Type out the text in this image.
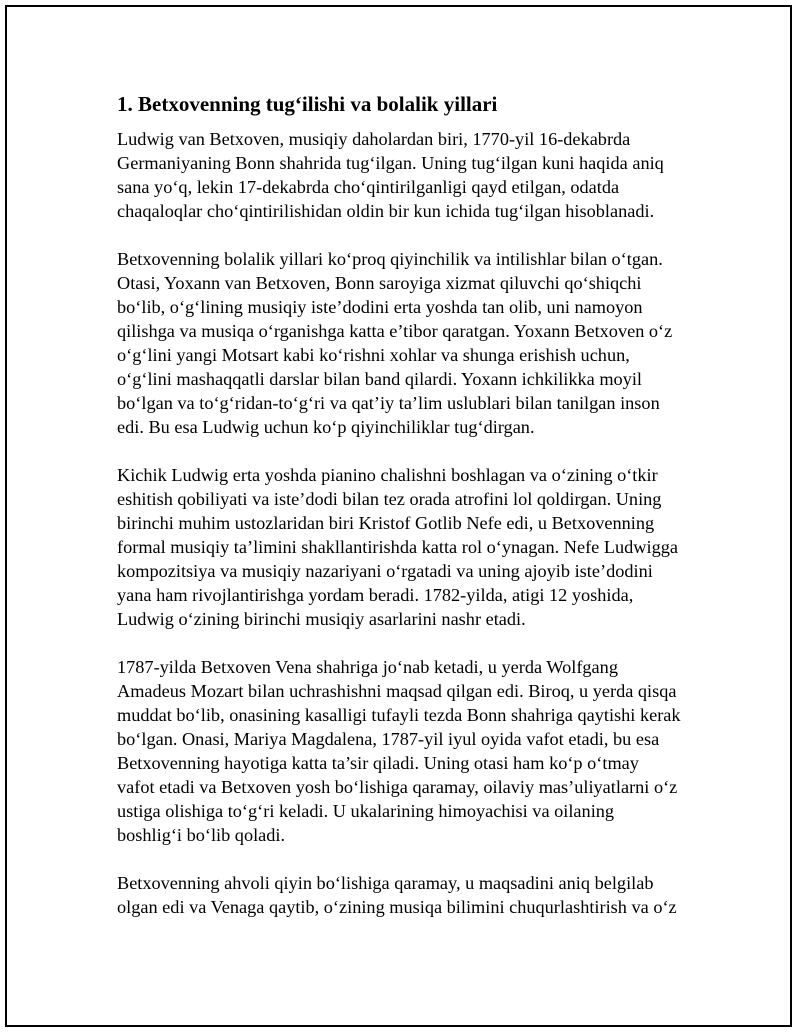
1. Betxovenning tug‘ilishi va bolalik yillari

Ludwig van Betxoven, musiqiy daholardan biri, 1770-yil 16-dekabrda
Germaniyaning Bonn shahrida tug‘ilgan. Uning tug‘ilgan kuni haqida aniq
sana yo‘q, lekin 17-dekabrda cho‘qintirilganligi qayd etilgan, odatda
chaqaloqlar cho‘qintirilishidan oldin bir kun ichida tug‘ilgan hisoblanadi.

Betxovenning bolalik yillari ko‘proq qiyinchilik va intilishlar bilan o‘tgan.
Otasi, Yoxann van Betxoven, Bonn saroyiga xizmat qiluvchi qo‘shiqchi
bo‘lib, o‘g‘lining musiqiy iste’dodini erta yoshda tan olib, uni namoyon
qilishga va musiqa o‘rganishga katta e’tibor qaratgan. Yoxann Betxoven o‘z
o‘g‘lini yangi Motsart kabi ko‘rishni xohlar va shunga erishish uchun,
o‘g‘lini mashaqqatli darslar bilan band qilardi. Yoxann ichkilikka moyil
bo‘lgan va to‘g‘ridan-to‘g‘ri va qat’iy ta’lim uslublari bilan tanilgan inson
edi. Bu esa Ludwig uchun ko‘p qiyinchiliklar tug‘dirgan.

Kichik Ludwig erta yoshda pianino chalishni boshlagan va o‘zining o‘tkir
eshitish qobiliyati va iste’dodi bilan tez orada atrofini lol qoldirgan. Uning
birinchi muhim ustozlaridan biri Kristof Gotlib Nefe edi, u Betxovenning
formal musiqiy ta’limini shakllantirishda katta rol o‘ynagan. Nefe Ludwigga
kompozitsiya va musiqiy nazariyani o‘rgatadi va uning ajoyib iste’dodini
yana ham rivojlantirishga yordam beradi. 1782-yilda, atigi 12 yoshida,
Ludwig o‘zining birinchi musiqiy asarlarini nashr etadi.

1787-yilda Betxoven Vena shahriga jo‘nab ketadi, u yerda Wolfgang
Amadeus Mozart bilan uchrashishni maqsad qilgan edi. Biroq, u yerda qisqa
muddat bo‘lib, onasining kasalligi tufayli tezda Bonn shahriga qaytishi kerak
bo‘lgan. Onasi, Mariya Magdalena, 1787-yil iyul oyida vafot etadi, bu esa
Betxovenning hayotiga katta ta’sir qiladi. Uning otasi ham ko‘p o‘tmay
vafot etadi va Betxoven yosh bo‘lishiga qaramay, oilaviy mas’uliyatlarni o‘z
ustiga olishiga to‘g‘ri keladi. U ukalarining himoyachisi va oilaning
boshlig‘i bo‘lib qoladi.

Betxovenning ahvoli qiyin bo‘lishiga qaramay, u maqsadini aniq belgilab
olgan edi va Venaga qaytib, o‘zining musiqa bilimini chuqurlashtirish va o‘z
